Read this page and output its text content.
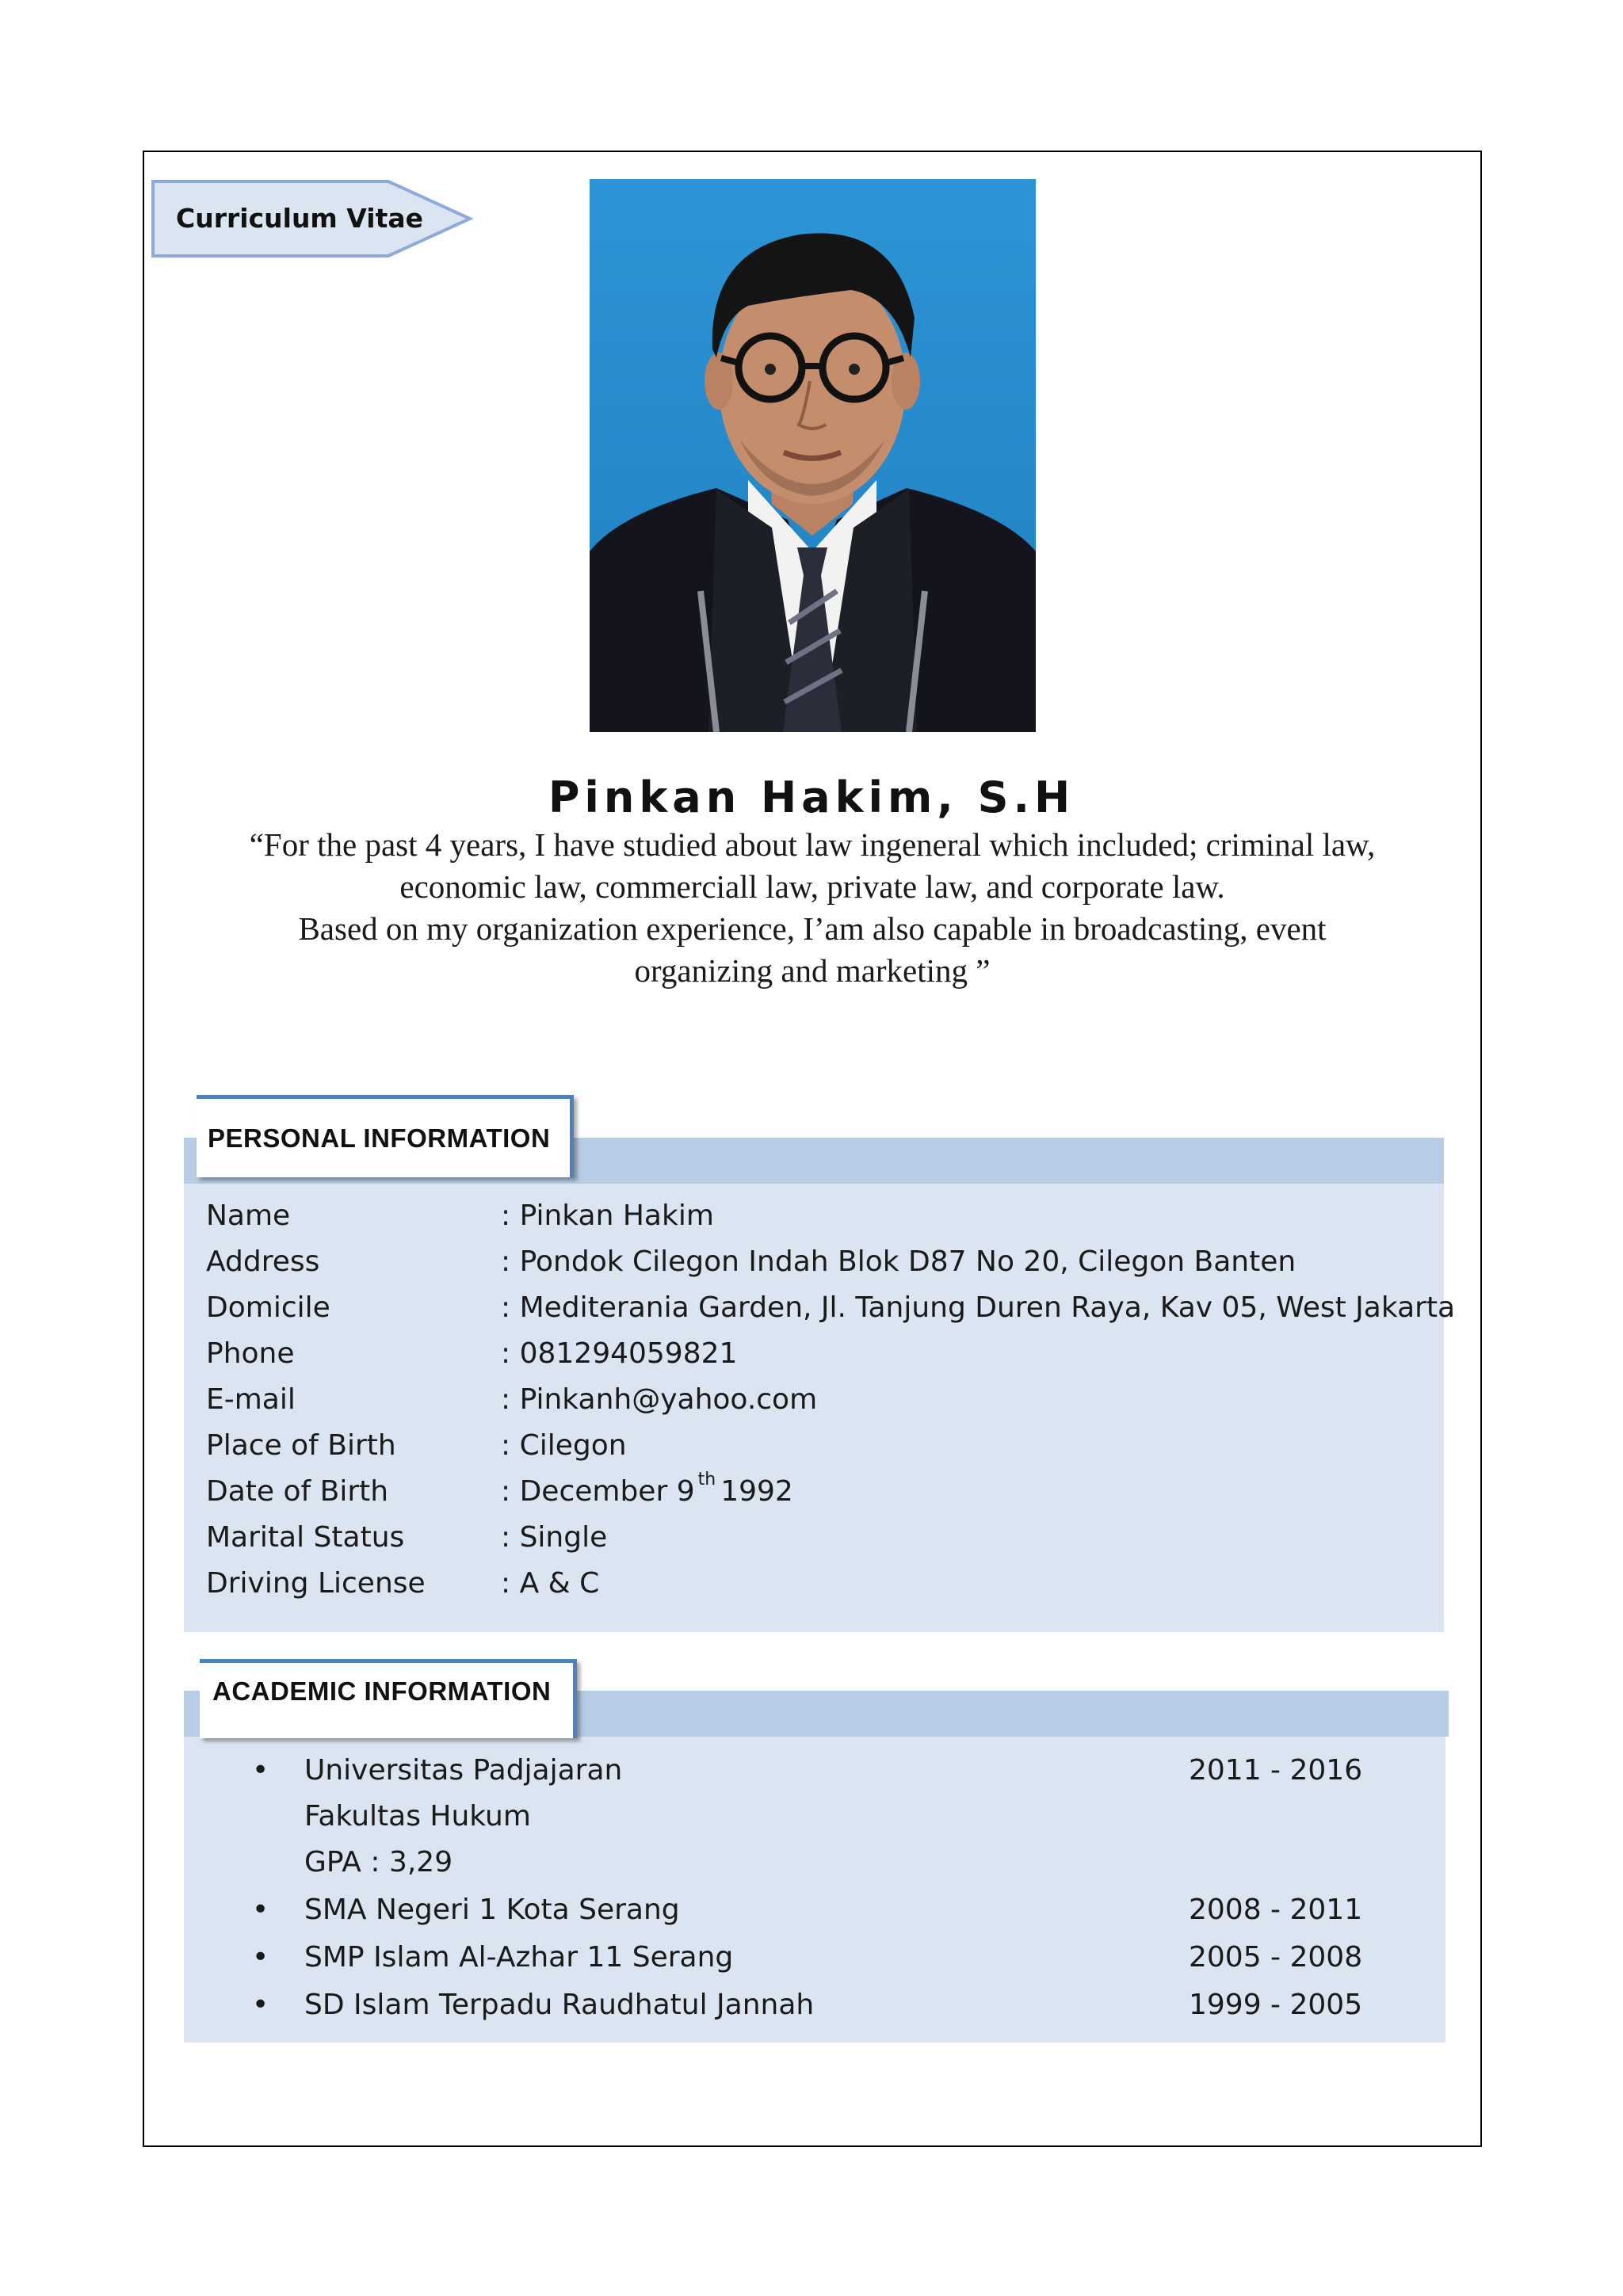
Curriculum Vitae
Pinkan Hakim, S.H

“For the past 4 years, I have studied about law ingeneral which included; criminal law,

economic law, commerciall law, private law, and corporate law.

Based on my organization experience, I’am also capable in broadcasting, event

organizing and marketing ”

PERSONAL INFORMATION
Name	: Pinkan Hakim
Address	: Pondok Cilegon Indah Blok D87 No 20, Cilegon Banten
Domicile	: Mediterania Garden, Jl. Tanjung Duren Raya, Kav 05, West Jakarta
Phone	: 081294059821
E-mail	: Pinkanh@yahoo.com
Place of Birth	: Cilegon
Date of Birth	: December 9 $^{th}$ 1992
Marital Status	: Single
Driving License	: A & C
ACADEMIC INFORMATION
• Universitas Padjajaran	2011 - 2016
Fakultas Hukum
GPA : 3,29
• SMA Negeri 1 Kota Serang	2008 - 2011
• SMP Islam Al-Azhar 11 Serang	2005 - 2008
• SD Islam Terpadu Raudhatul Jannah	1999 - 2005
